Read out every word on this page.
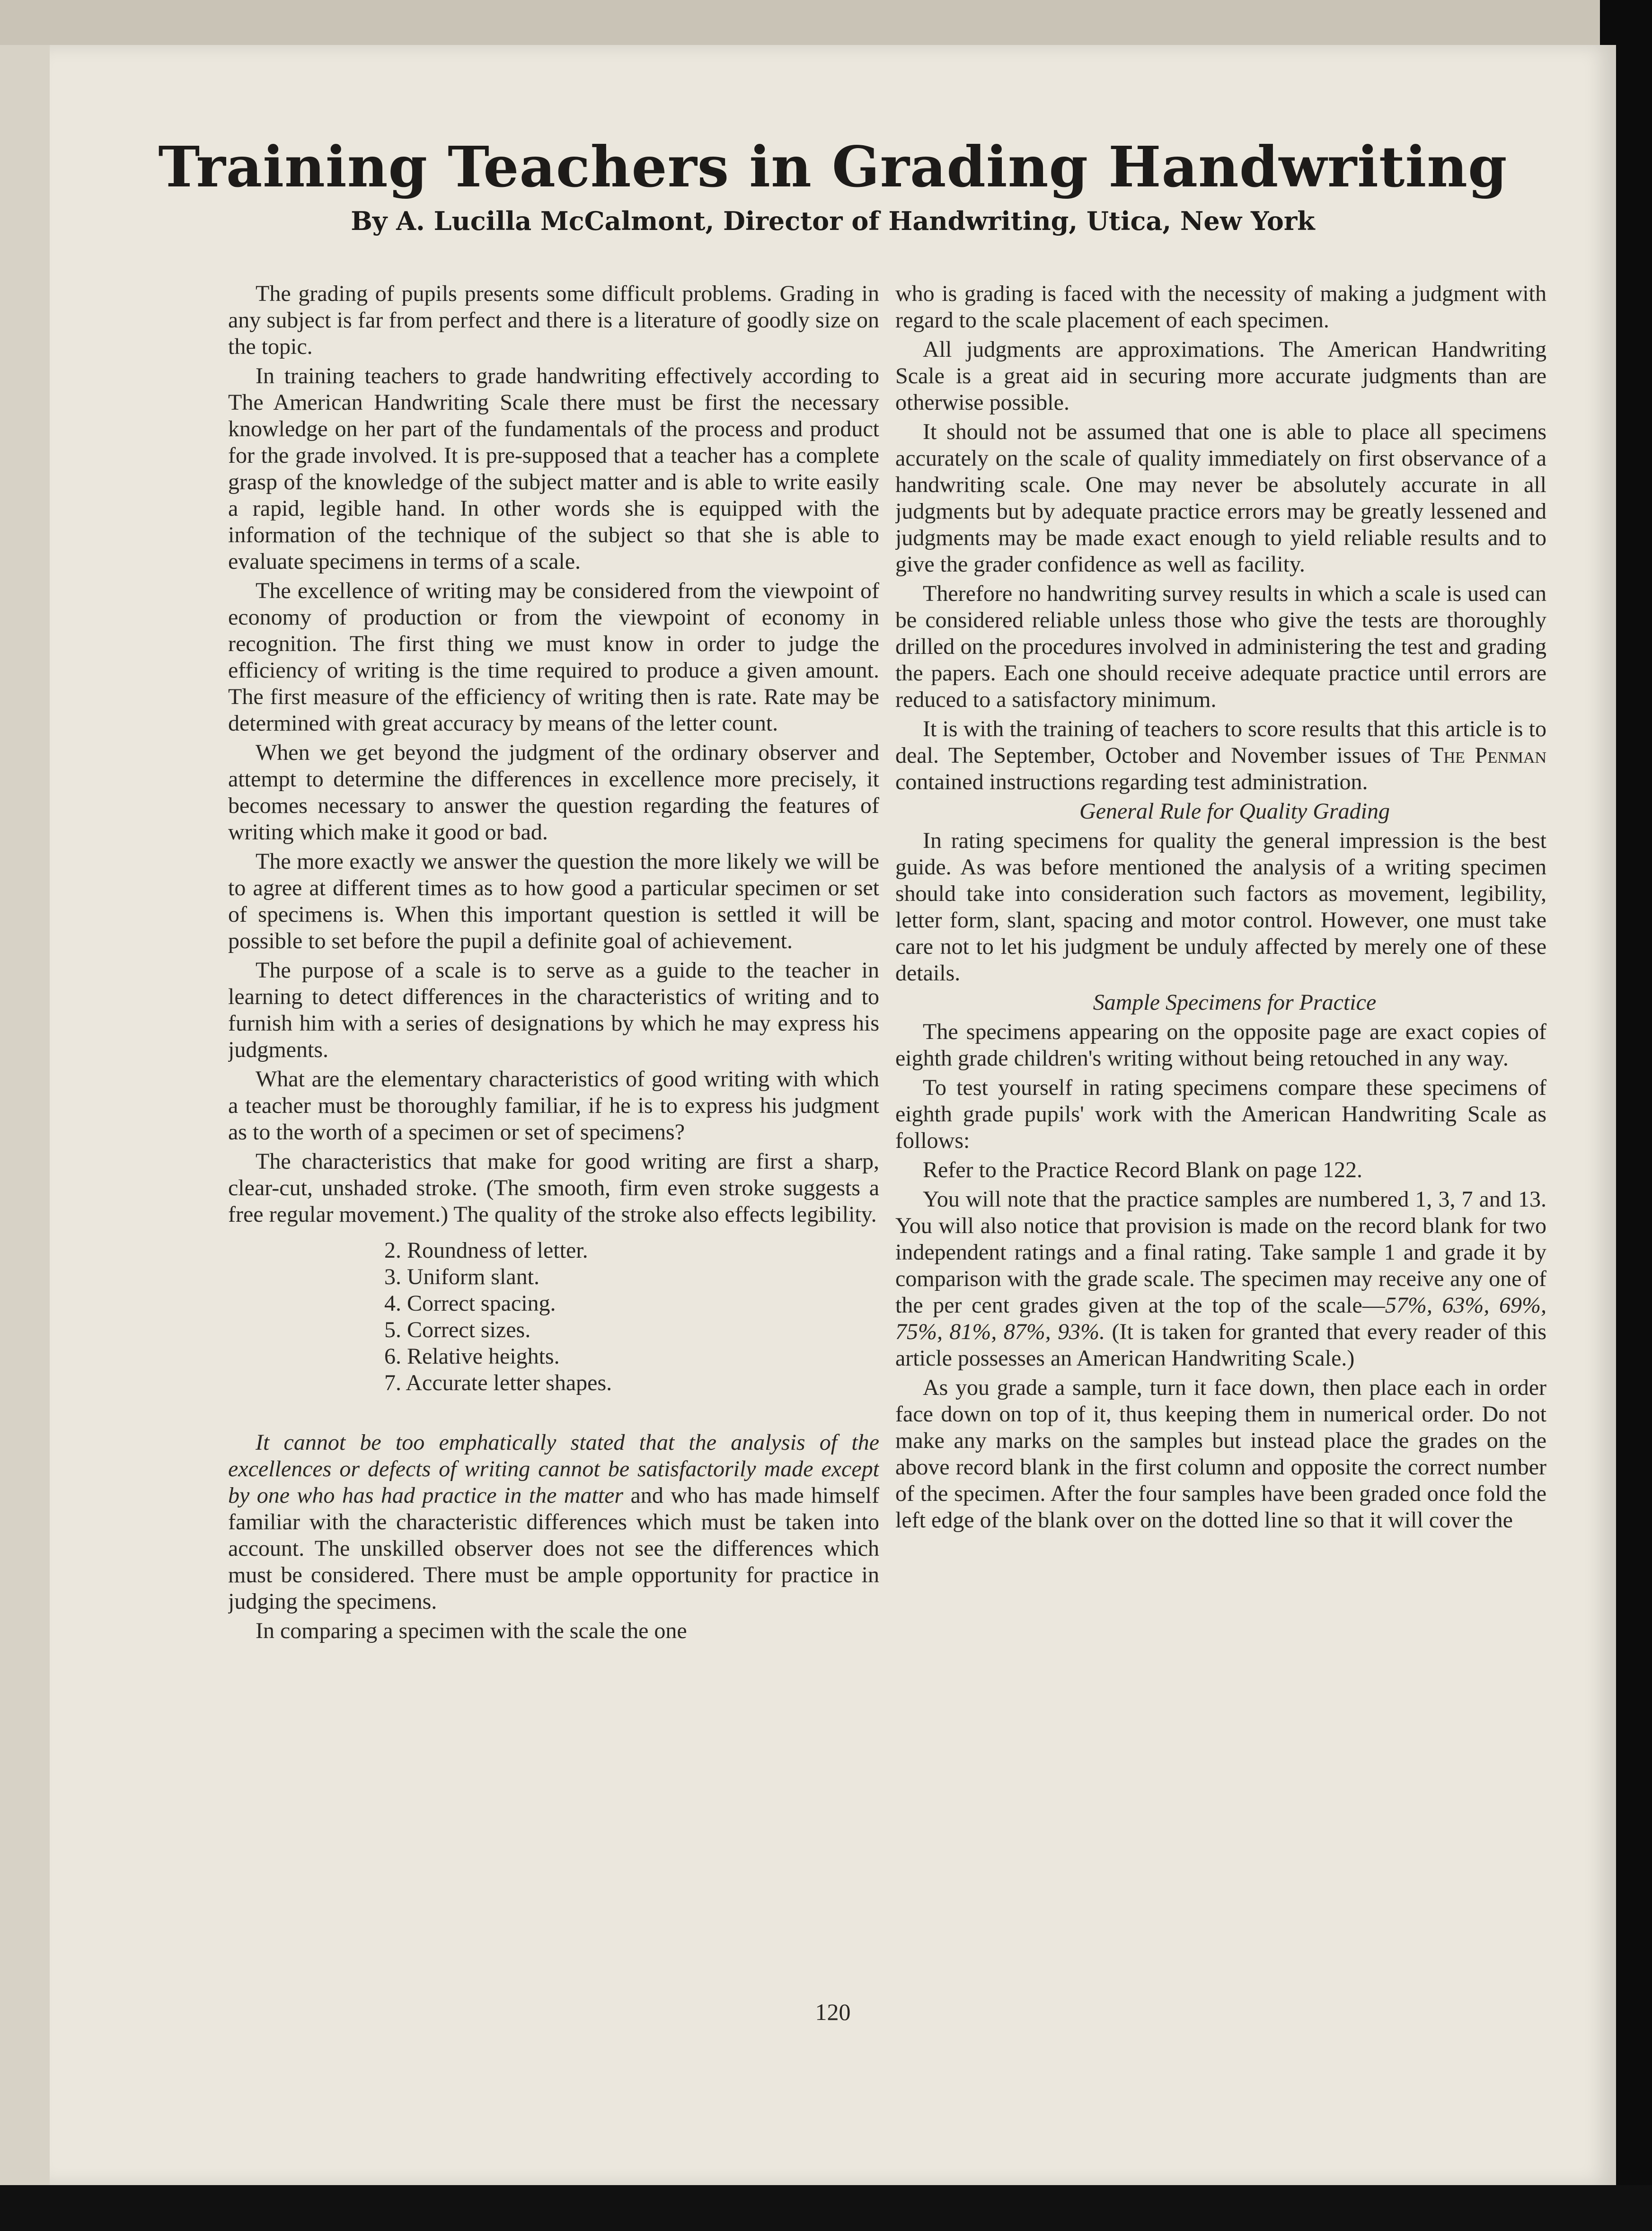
Training Teachers in Grading Handwriting
By A. Lucilla McCalmont, Director of Handwriting, Utica, New York

The grading of pupils presents some difficult problems. Grading in any subject is far from perfect and there is a literature of goodly size on the topic.

In training teachers to grade handwriting effectively according to The American Handwriting Scale there must be first the necessary knowledge on her part of the fundamentals of the process and product for the grade involved. It is pre-supposed that a teacher has a complete grasp of the knowledge of the subject matter and is able to write easily a rapid, legible hand. In other words she is equipped with the information of the technique of the subject so that she is able to evaluate specimens in terms of a scale.

The excellence of writing may be considered from the viewpoint of economy of production or from the viewpoint of economy in recognition. The first thing we must know in order to judge the efficiency of writing is the time required to produce a given amount. The first measure of the efficiency of writing then is rate. Rate may be determined with great accuracy by means of the letter count.

When we get beyond the judgment of the ordinary observer and attempt to determine the differences in excellence more precisely, it becomes necessary to answer the question regarding the features of writing which make it good or bad.

The more exactly we answer the question the more likely we will be to agree at different times as to how good a particular specimen or set of specimens is. When this important question is settled it will be possible to set before the pupil a definite goal of achievement.

The purpose of a scale is to serve as a guide to the teacher in learning to detect differences in the characteristics of writing and to furnish him with a series of designations by which he may express his judgments.

What are the elementary characteristics of good writing with which a teacher must be thoroughly familiar, if he is to express his judgment as to the worth of a specimen or set of specimens?

The characteristics that make for good writing are first a sharp, clear-cut, unshaded stroke. (The smooth, firm even stroke suggests a free regular movement.) The quality of the stroke also effects legibility.

2. Roundness of letter.
3. Uniform slant.
4. Correct spacing.
5. Correct sizes.
6. Relative heights.
7. Accurate letter shapes.

It cannot be too emphatically stated that the analysis of the excellences or defects of writing cannot be satisfactorily made except by one who has had practice in the matter and who has made himself familiar with the characteristic differences which must be taken into account. The unskilled observer does not see the differences which must be considered. There must be ample opportunity for practice in judging the specimens.

In comparing a specimen with the scale the one

who is grading is faced with the necessity of making a judgment with regard to the scale placement of each specimen.

All judgments are approximations. The American Handwriting Scale is a great aid in securing more accurate judgments than are otherwise possible.

It should not be assumed that one is able to place all specimens accurately on the scale of quality immediately on first observance of a handwriting scale. One may never be absolutely accurate in all judgments but by adequate practice errors may be greatly lessened and judgments may be made exact enough to yield reliable results and to give the grader confidence as well as facility.

Therefore no handwriting survey results in which a scale is used can be considered reliable unless those who give the tests are thoroughly drilled on the procedures involved in administering the test and grading the papers. Each one should receive adequate practice until errors are reduced to a satisfactory minimum.

It is with the training of teachers to score results that this article is to deal. The September, October and November issues of The Penman contained instructions regarding test administration.

General Rule for Quality Grading

In rating specimens for quality the general impression is the best guide. As was before mentioned the analysis of a writing specimen should take into consideration such factors as movement, legibility, letter form, slant, spacing and motor control. However, one must take care not to let his judgment be unduly affected by merely one of these details.

Sample Specimens for Practice

The specimens appearing on the opposite page are exact copies of eighth grade children's writing without being retouched in any way.

To test yourself in rating specimens compare these specimens of eighth grade pupils' work with the American Handwriting Scale as follows:

Refer to the Practice Record Blank on page 122.

You will note that the practice samples are numbered 1, 3, 7 and 13. You will also notice that provision is made on the record blank for two independent ratings and a final rating. Take sample 1 and grade it by comparison with the grade scale. The specimen may receive any one of the per cent grades given at the top of the scale—57%, 63%, 69%, 75%, 81%, 87%, 93%. (It is taken for granted that every reader of this article possesses an American Handwriting Scale.)

As you grade a sample, turn it face down, then place each in order face down on top of it, thus keeping them in numerical order. Do not make any marks on the samples but instead place the grades on the above record blank in the first column and opposite the correct number of the specimen. After the four samples have been graded once fold the left edge of the blank over on the dotted line so that it will cover the

120
